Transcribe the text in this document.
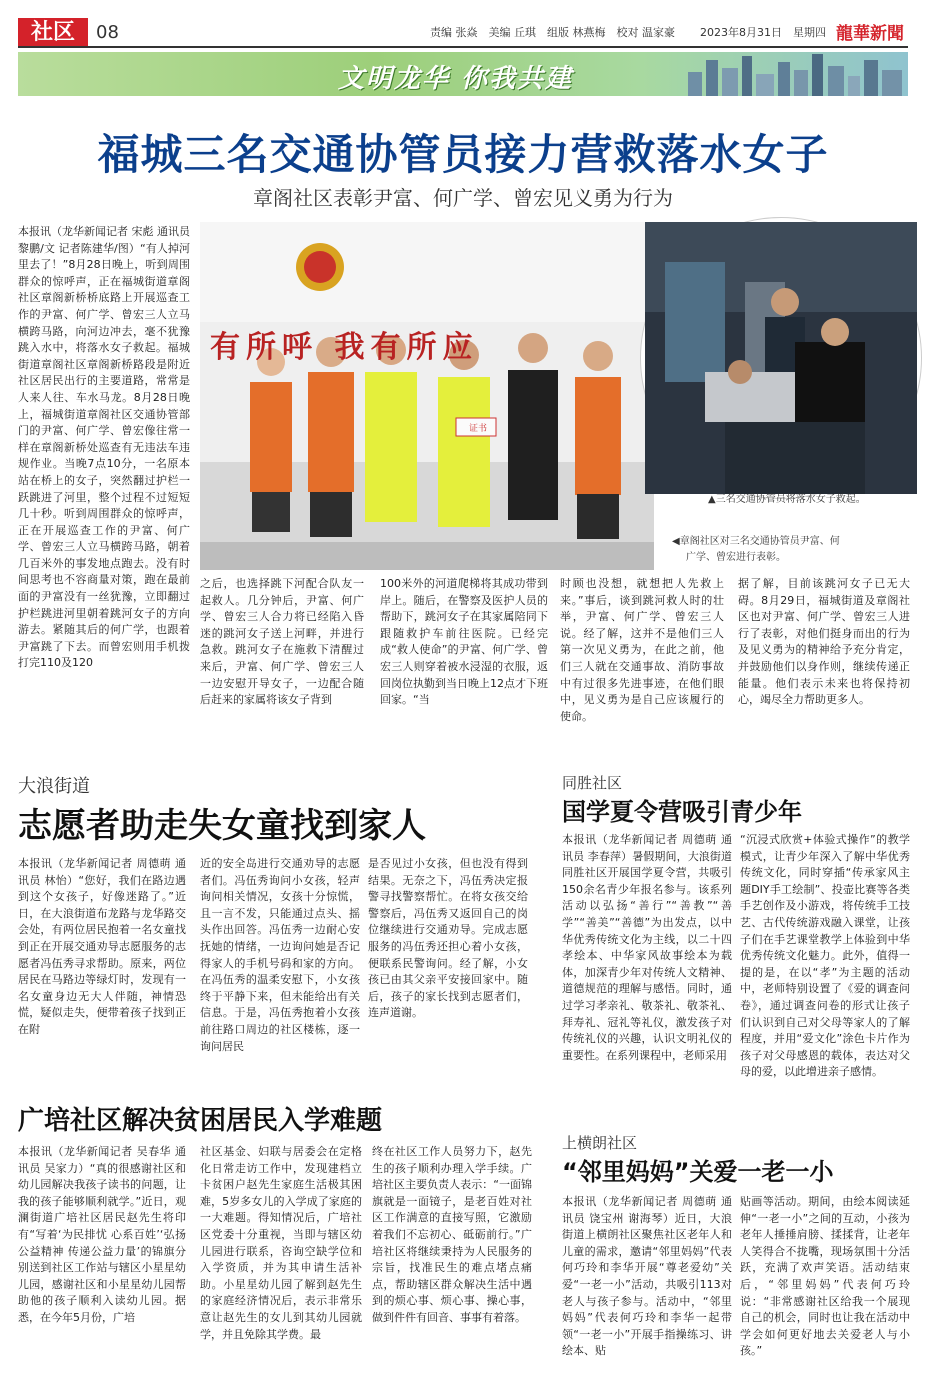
社区	08	责编 张焱　美编 丘琪　组版 林燕梅　校对 温家豪 2023年8月31日　星期四 龍華新聞
文明龙华 你我共建
福城三名交通协管员接力营救落水女子
章阁社区表彰尹富、何广学、曾宏见义勇为行为
本报讯（龙华新闻记者 宋彪 通讯员 黎鹏/文 记者陈建华/图）“有人掉河里去了！”8月28日晚上，听到周围群众的惊呼声，正在福城街道章阁社区章阁新桥桥底路上开展巡查工作的尹富、何广学、曾宏三人立马横跨马路，向河边冲去，毫不犹豫跳入水中，将落水女子救起。福城街道章阁社区章阁新桥路段是附近社区居民出行的主要道路，常常是人来人往、车水马龙。8月28日晚上，福城街道章阁社区交通协管部门的尹富、何广学、曾宏像往常一样在章阁新桥处巡查有无违法车违规作业。当晚7点10分，一名原本站在桥上的女子，突然翻过护栏一跃跳进了河里，整个过程不过短短几十秒。听到周围群众的惊呼声，正在开展巡查工作的尹富、何广学、曾宏三人立马横跨马路，朝着几百米外的事发地点跑去。没有时间思考也不容商量对策，跑在最前面的尹富没有一丝犹豫，立即翻过护栏跳进河里朝着跳河女子的方向游去。紧随其后的何广学，也跟着尹富跳了下去。而曾宏则用手机拨打完110及120
有所呼 我有所应
证书
▲三名交通协管员将落水女子救起。
◀章阁社区对三名交通协管员尹富、何
广学、曾宏进行表彰。
之后，也选择跳下河配合队友一起救人。几分钟后，尹富、何广学、曾宏三人合力将已经陷入昏迷的跳河女子送上河畔，并进行急救。跳河女子在施救下清醒过来后，尹富、何广学、曾宏三人一边安慰开导女子，一边配合随后赶来的家属将该女子背到
100米外的河道爬梯将其成功带到岸上。随后，在警察及医护人员的帮助下，跳河女子在其家属陪同下跟随救护车前往医院。已经完成“救人使命”的尹富、何广学、曾宏三人则穿着被水浸湿的衣服，返回岗位执勤到当日晚上12点才下班回家。“当
时顾也没想，就想把人先救上来。”事后，谈到跳河救人时的壮举，尹富、何广学、曾宏三人说。经了解，这并不是他们三人第一次见义勇为，在此之前，他们三人就在交通事故、消防事故中有过很多先进事迹，在他们眼中，见义勇为是自己应该履行的使命。
据了解，目前该跳河女子已无大碍。8月29日，福城街道及章阁社区也对尹富、何广学、曾宏三人进行了表彰，对他们挺身而出的行为及见义勇为的精神给予充分肯定，并鼓励他们以身作则，继续传递正能量。他们表示未来也将保持初心，竭尽全力帮助更多人。
大浪街道
志愿者助走失女童找到家人
本报讯（龙华新闻记者 周德萌 通讯员 林怡）“您好，我们在路边遇到这个女孩子，好像迷路了。”近日，在大浪街道布龙路与龙华路交会处，有两位居民抱着一名女童找到正在开展交通劝导志愿服务的志愿者冯伍秀寻求帮助。原来，两位居民在马路边等绿灯时，发现有一名女童身边无大人伴随，神情恐慌，疑似走失，便带着孩子找到正在附
近的安全岛进行交通劝导的志愿者们。冯伍秀询问小女孩，轻声询问相关情况，女孩十分惊慌，且一言不发，只能通过点头、摇头作出回答。冯伍秀一边耐心安抚她的情绪，一边询问她是否记得家人的手机号码和家的方向。在冯伍秀的温柔安慰下，小女孩终于平静下来，但未能给出有关信息。于是，冯伍秀抱着小女孩前往路口周边的社区楼栋，逐一询问居民
是否见过小女孩，但也没有得到结果。无奈之下，冯伍秀决定报警寻找警察帮忙。在将女孩交给警察后，冯伍秀又返回自己的岗位继续进行交通劝导。完成志愿服务的冯伍秀还担心着小女孩，便联系民警询问。经了解，小女孩已由其父亲平安接回家中。随后，孩子的家长找到志愿者们，连声道谢。
广培社区解决贫困居民入学难题
本报讯（龙华新闻记者 吴春华 通讯员 吴家力）“真的很感谢社区和幼儿园解决我孩子读书的问题，让我的孩子能够顺利就学。”近日，观澜街道广培社区居民赵先生将印有“写着‘为民排忧 心系百姓’‘弘扬公益精神 传递公益力量’的锦旗分别送到社区工作站与辖区小星星幼儿园，感谢社区和小星星幼儿园帮助他的孩子顺利入读幼儿园。据悉，在今年5月份，广培
社区基金、妇联与居委会在定格化日常走访工作中，发现建档立卡贫困户赵先生家庭生活极其困难，5岁多女儿的入学成了家庭的一大难题。得知情况后，广培社区党委十分重视，当即与辖区幼儿园进行联系，咨询空缺学位和入学资质，并为其申请生活补助。小星星幼儿园了解到赵先生的家庭经济情况后，表示非常乐意让赵先生的女儿到其幼儿园就学，并且免除其学费。最
终在社区工作人员努力下，赵先生的孩子顺利办理入学手续。广培社区主要负责人表示：“一面锦旗就是一面镜子，是老百姓对社区工作满意的直接写照，它激励着我们不忘初心、砥砺前行。”广培社区将继续秉持为人民服务的宗旨，找准民生的难点堵点痛点，帮助辖区群众解决生活中遇到的烦心事、烦心事、操心事，做到件件有回音、事事有着落。
同胜社区
国学夏令营吸引青少年
本报讯（龙华新闻记者 周德萌 通讯员 李春萍）暑假期间，大浪街道同胜社区开展国学夏令营，共吸引150余名青少年报名参与。该系列活动以弘扬“善行”“善教”“善学”“善美”“善德”为出发点，以中华优秀传统文化为主线，以二十四孝绘本、中华家风故事绘本为载体，加深青少年对传统人文精神、道德规范的理解与感悟。同时，通过学习孝亲礼、敬茶礼、敬茶礼、拜寿礼、冠礼等礼仪，激发孩子对传统礼仪的兴趣，认识文明礼仪的重要性。在系列课程中，老师采用
“沉浸式欣赏+体验式操作”的教学模式，让青少年深入了解中华优秀传统文化，同时穿插“传承家风主题DIY手工绘制”、投壶比赛等各类手艺创作及小游戏，将传统手工技艺、古代传统游戏融入课堂，让孩子们在手艺课堂教学上体验到中华优秀传统文化魅力。此外，值得一提的是，在以“孝”为主题的活动中，老师特别设置了《爱的调查问卷》，通过调查问卷的形式让孩子们认识到自己对父母等家人的了解程度，并用“爱文化”涂色卡片作为孩子对父母感恩的载体，表达对父母的爱，以此增进亲子感情。
上横朗社区
“邻里妈妈”关爱一老一小
本报讯（龙华新闻记者 周德萌 通讯员 饶宝州 谢海琴）近日，大浪街道上横朗社区聚焦社区老年人和儿童的需求，邀请“邻里妈妈”代表何巧玲和李华开展“尊老爱幼”关爱“一老一小”活动，共吸引113对老人与孩子参与。活动中，“邻里妈妈”代表何巧玲和李华一起带领“一老一小”开展手指操练习、讲绘本、贴
贴画等活动。期间，由绘本阅读延伸“一老一小”之间的互动，小孩为老年人捶捶肩膀、揉揉背，让老年人笑得合不拢嘴，现场氛围十分活跃，充满了欢声笑语。活动结束后，“邻里妈妈”代表何巧玲说：“非常感谢社区给我一个展现自己的机会，同时也让我在活动中学会如何更好地去关爱老人与小孩。”
